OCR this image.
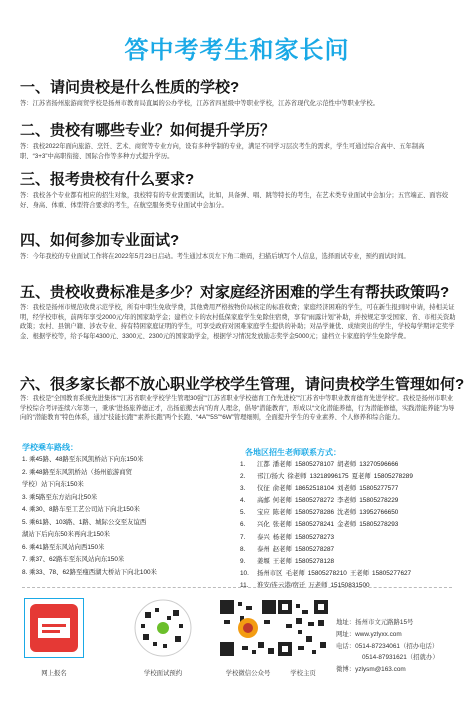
答中考考生和家长问
一、请问贵校是什么性质的学校?
答：江苏省扬州旅游商贸学校是扬州市教育局直属的公办学校，江苏省四星级中等职业学校，江苏省现代化示范性中等职业学校。
二、贵校有哪些专业？如何提升学历？
答：我校2022年面向旅游、烹饪、艺术、商贸等专业方向，设有多种学制的专业，满足不同学习层次考生的需求，学生可通过综合高中、五年制高职、“3+3”中高职衔接、国际合作等多种方式提升学历。
三、报考贵校有什么要求?
答：我校各个专业都有相应的招生对象，我校特有的专业需要面试，比如，具备弹、唱、跳等特长的考生，在艺术类专业面试中会加分；五官端正、面容姣好、身高、体重、体型符合要求的考生，在航空服务类专业面试中会加分。
四、如何参加专业面试?
答：今年我校的专业面试工作将在2022年5月23日启动。考生通过本页左下角二维码，扫描后填写个人信息，选择面试专业，预约面试时间。
五、贵校收费标准是多少？对家庭经济困难的学生有帮扶政策吗?
答：我校是扬州市规范收费示范学校，所有中职生免收学费，其他费用严格按物价局核定的标准收费；家庭经济困难的学生，可在新生报到时申请，持相关证明，经学校审核，前两年享受2000元/年的国家助学金；建档立卡的农村低保家庭学生免除住宿费，享有“雨露计划”补助，并按规定享受国家、省、市相关资助政策；农村、县镇户籍、涉农专业、持有特困家庭证明的学生，可享受政府对困难家庭学生提供的补助；对品学兼优、成绩突出的学生，学校每学期评定奖学金、根据学校等，给予每年4300元、3300元、2300元的国家助学金，根据学习情况发放励志奖学金5000元；建档立卡家庭的学生免除学费。
六、很多家长都不放心职业学校学生管理，请问贵校学生管理如何?
答：我校是“全国教育系统先进集体”“江苏省职业学校学生管理30强”“江苏省职业学校德育工作先进校”“江苏省中等职业教育德育先进学校”。我校是扬州市职业学校综合考评连续六年第一，秉承“进扬旅养德正才，出扬旅搬去向”的育人理念，倡导“潜能教育”，形成以“文化潜能养德，行为潜能修德，实践潜能养能”为导向的“潜能教育”特色体系，通过“技能长跑”“素养长跑”两个长跑、“4A”“5S”“6W”管理细则，全面提升学生的专业素养、个人修养和综合能力。
学校乘车路线：
1. 乘45路、48路至东风凯桥站下向东150米
2. 乘48路至东风凯桥站（扬州旅游商贸
学校）站下向东150米
3. 乘5路至东方站向北50米
4. 乘30、8路车至工艺公司站下向北150米
5. 乘61路、103路、1路、城际公交至友谊西
湖站下后向东50米再向北150米
6. 乘41路至东风站向西150米
7. 乘37、62路车至东风站向东150米
8. 乘33、78、62路至瘦西湖大桥站下向北100米
各地区招生老师联系方式：
1. 江都 潘老师 15805278107 胡老师 13270596666
2. 邗江/扬大 徐老师 13218996175 夏老师 15805278289
3. 仪征 俞老师 18652518104 刘老师 15805277577
4. 高邮 何老师 15805278272 李老师 15805278229
5. 宝应 陈老师 15805278286 沈老师 13952766650
6. 兴化 张老师 15805278241 金老师 15805278293
7. 泰兴 杨老师 15805278273
8. 泰州 赵老师 15805278287
9. 姜堰 王老师 15805278128
10. 扬州市区 毛老师 15805278210 王老师 15805277627
11. 淮安/连云港/宿迁 万老师 15150831500
网上报名	学校面试预约	学校微信公众号	学校主页
地址：扬州市文元路路15号
网址：www.yzlyxx.com
电话：0514-87234061（招办电话）
0514-87931621（招就办）
微博：yzlysm@163.com
